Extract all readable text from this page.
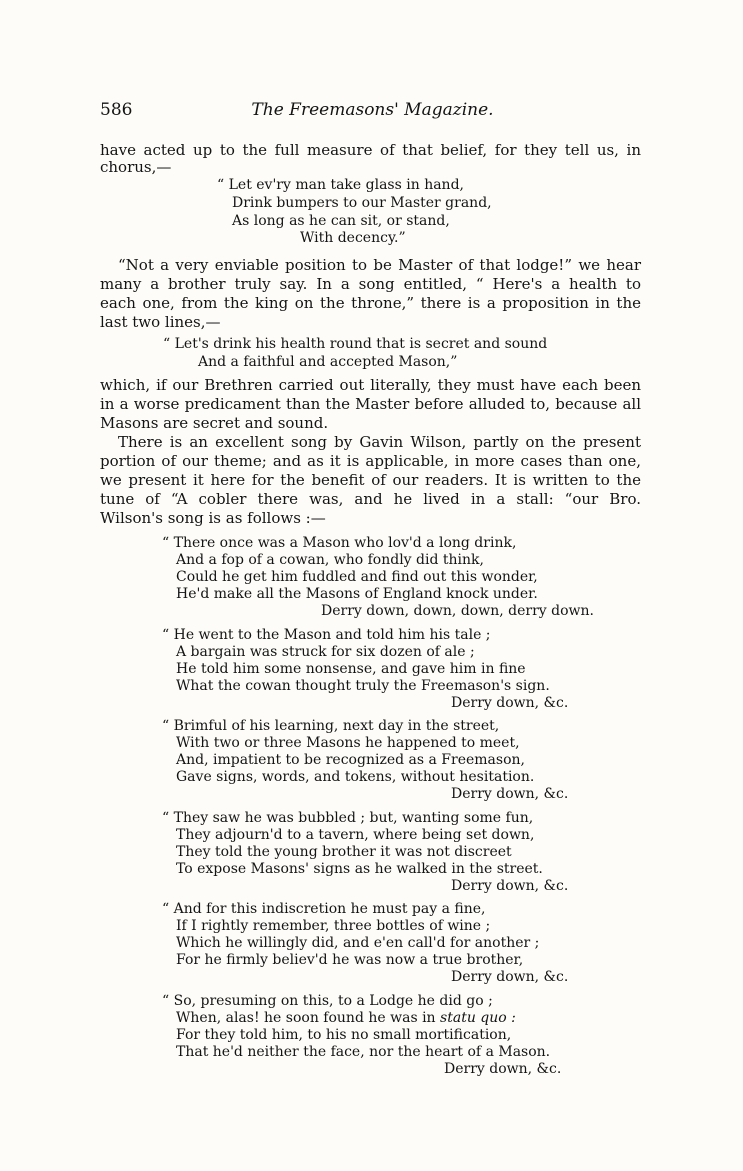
586	The Freemasons' Magazine.
have acted up to the full measure of that belief, for they tell us, in
chorus,—
“ Let ev'ry man take glass in hand,
Drink bumpers to our Master grand,
As long as he can sit, or stand,
With decency.”
“Not a very enviable position to be Master of that lodge!” we hear
many a brother truly say. In a song entitled, “ Here's a health to
each one, from the king on the throne,” there is a proposition in the
last two lines,—
“ Let's drink his health round that is secret and sound
And a faithful and accepted Mason,”
which, if our Brethren carried out literally, they must have each been
in a worse predicament than the Master before alluded to, because all
Masons are secret and sound.
There is an excellent song by Gavin Wilson, partly on the present
portion of our theme; and as it is applicable, in more cases than one,
we present it here for the benefit of our readers. It is written to the
tune of “A cobler there was, and he lived in a stall: “our Bro.
Wilson's song is as follows :—
“ There once was a Mason who lov'd a long drink,
And a fop of a cowan, who fondly did think,
Could he get him fuddled and find out this wonder,
He'd make all the Masons of England knock under.
Derry down, down, down, derry down.
“ He went to the Mason and told him his tale ;
A bargain was struck for six dozen of ale ;
He told him some nonsense, and gave him in fine
What the cowan thought truly the Freemason's sign.
Derry down, &c.
“ Brimful of his learning, next day in the street,
With two or three Masons he happened to meet,
And, impatient to be recognized as a Freemason,
Gave signs, words, and tokens, without hesitation.
Derry down, &c.
“ They saw he was bubbled ; but, wanting some fun,
They adjourn'd to a tavern, where being set down,
They told the young brother it was not discreet
To expose Masons' signs as he walked in the street.
Derry down, &c.
“ And for this indiscretion he must pay a fine,
If I rightly remember, three bottles of wine ;
Which he willingly did, and e'en call'd for another ;
For he firmly believ'd he was now a true brother,
Derry down, &c.
“ So, presuming on this, to a Lodge he did go ;
When, alas! he soon found he was in statu quo :
For they told him, to his no small mortification,
That he'd neither the face, nor the heart of a Mason.
Derry down, &c.
